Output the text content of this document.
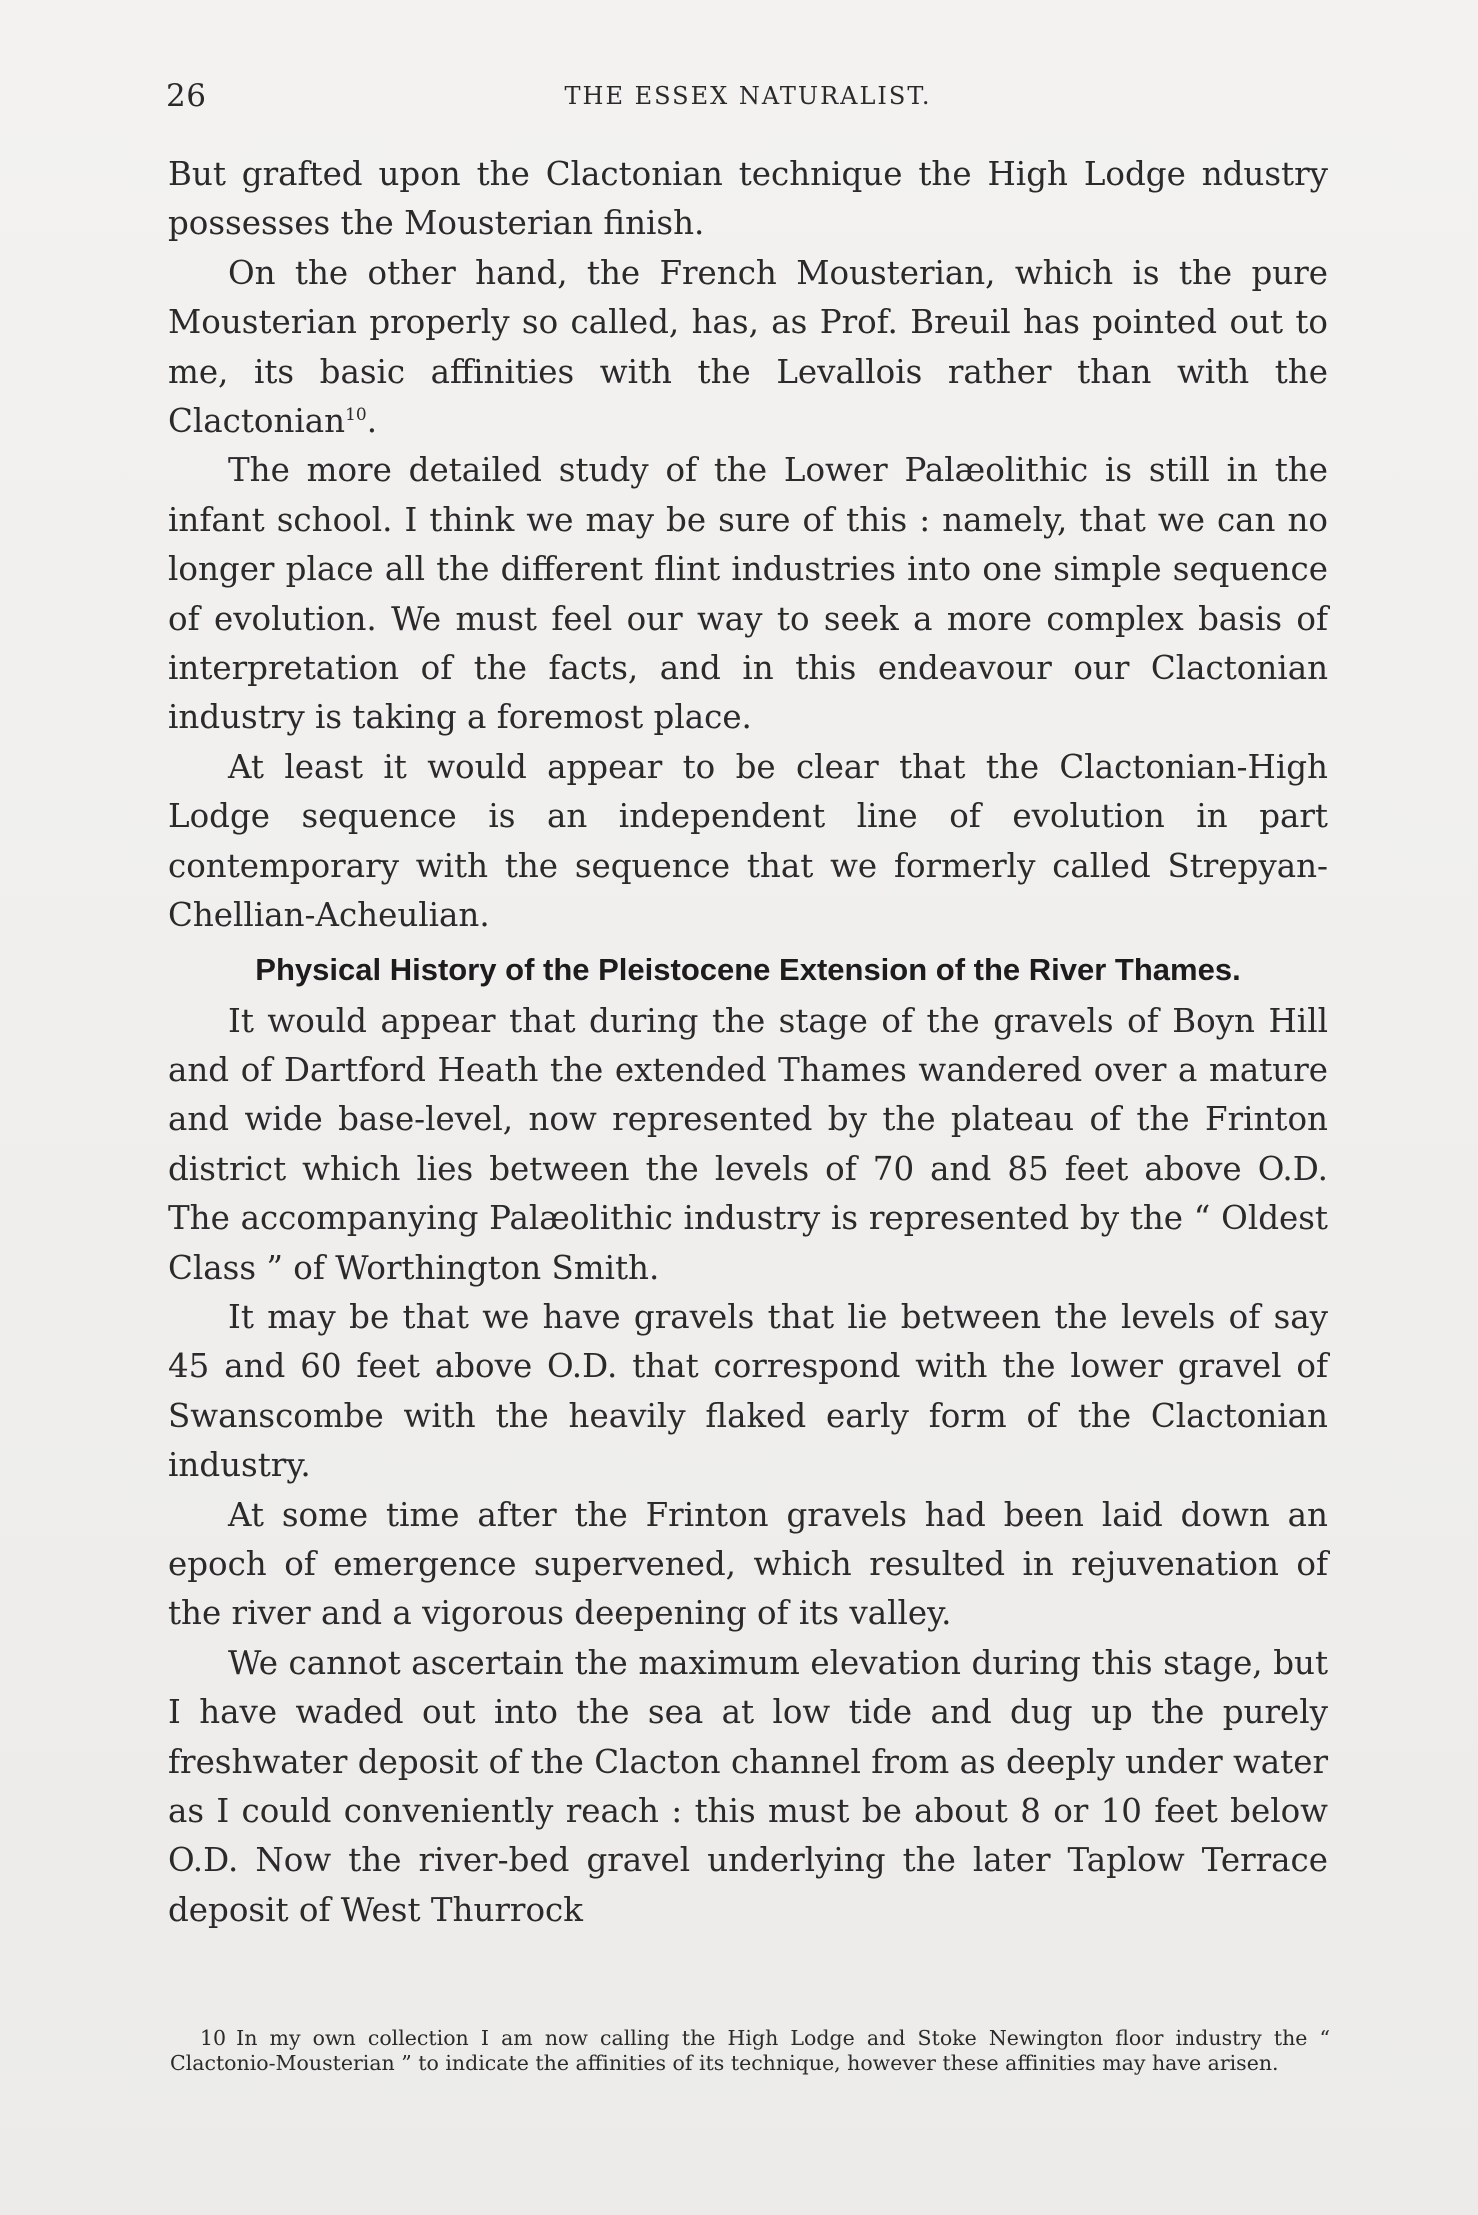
26	THE ESSEX NATURALIST.

But grafted upon the Clactonian technique the High Lodge ndustry possesses the Mousterian finish.

On the other hand, the French Mousterian, which is the pure Mousterian properly so called, has, as Prof. Breuil has pointed out to me, its basic affinities with the Levallois rather than with the Clactonian$^{10}$.

The more detailed study of the Lower Palæolithic is still in the infant school. I think we may be sure of this : namely, that we can no longer place all the different flint industries into one simple sequence of evolution. We must feel our way to seek a more complex basis of interpretation of the facts, and in this endeavour our Clactonian industry is taking a foremost place.

At least it would appear to be clear that the Clactonian-High Lodge sequence is an independent line of evolution in part contemporary with the sequence that we formerly called Strepyan-Chellian-Acheulian.

Physical History of the Pleistocene Extension of the River Thames.

It would appear that during the stage of the gravels of Boyn Hill and of Dartford Heath the extended Thames wandered over a mature and wide base-level, now represented by the plateau of the Frinton district which lies between the levels of 70 and 85 feet above O.D. The accompanying Palæolithic industry is represented by the “ Oldest Class ” of Worthington Smith.

It may be that we have gravels that lie between the levels of say 45 and 60 feet above O.D. that correspond with the lower gravel of Swanscombe with the heavily flaked early form of the Clactonian industry.

At some time after the Frinton gravels had been laid down an epoch of emergence supervened, which resulted in rejuvenation of the river and a vigorous deepening of its valley.

We cannot ascertain the maximum elevation during this stage, but I have waded out into the sea at low tide and dug up the purely freshwater deposit of the Clacton channel from as deeply under water as I could conveniently reach : this must be about 8 or 10 feet below O.D. Now the river-bed gravel underlying the later Taplow Terrace deposit of West Thurrock

10 In my own collection I am now calling the High Lodge and Stoke Newington floor industry the “ Clactonio-Mousterian ” to indicate the affinities of its technique, however these affinities may have arisen.
